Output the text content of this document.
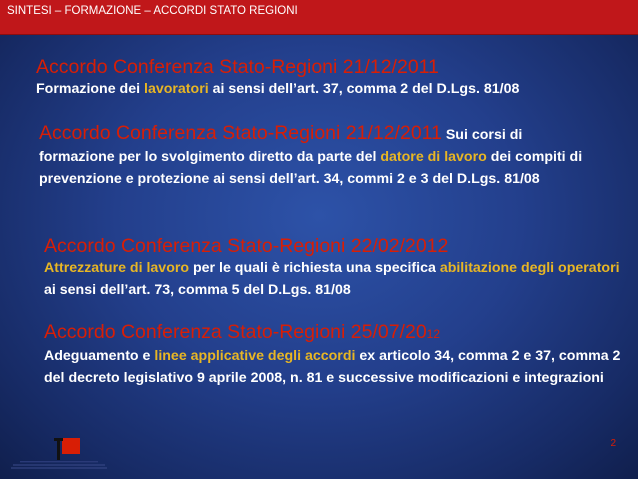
SINTESI – FORMAZIONE – ACCORDI STATO REGIONI
Accordo Conferenza Stato-Regioni 21/12/2011
Formazione dei lavoratori ai sensi dell’art. 37, comma 2 del D.Lgs. 81/08
Accordo Conferenza Stato-Regioni 21/12/2011 Sui corsi di
formazione per lo svolgimento diretto da parte del datore di lavoro dei compiti di prevenzione e protezione ai sensi dell’art. 34, commi 2 e 3 del D.Lgs. 81/08
Accordo Conferenza Stato-Regioni 22/02/2012
Attrezzature di lavoro per le quali è richiesta una specifica abilitazione degli operatori ai sensi dell’art. 73, comma 5 del D.Lgs. 81/08
Accordo Conferenza Stato-Regioni 25/07/2012
Adeguamento e linee applicative degli accordi ex articolo 34, comma 2 e 37, comma 2 del decreto legislativo 9 aprile 2008, n. 81 e successive modificazioni e integrazioni
2
